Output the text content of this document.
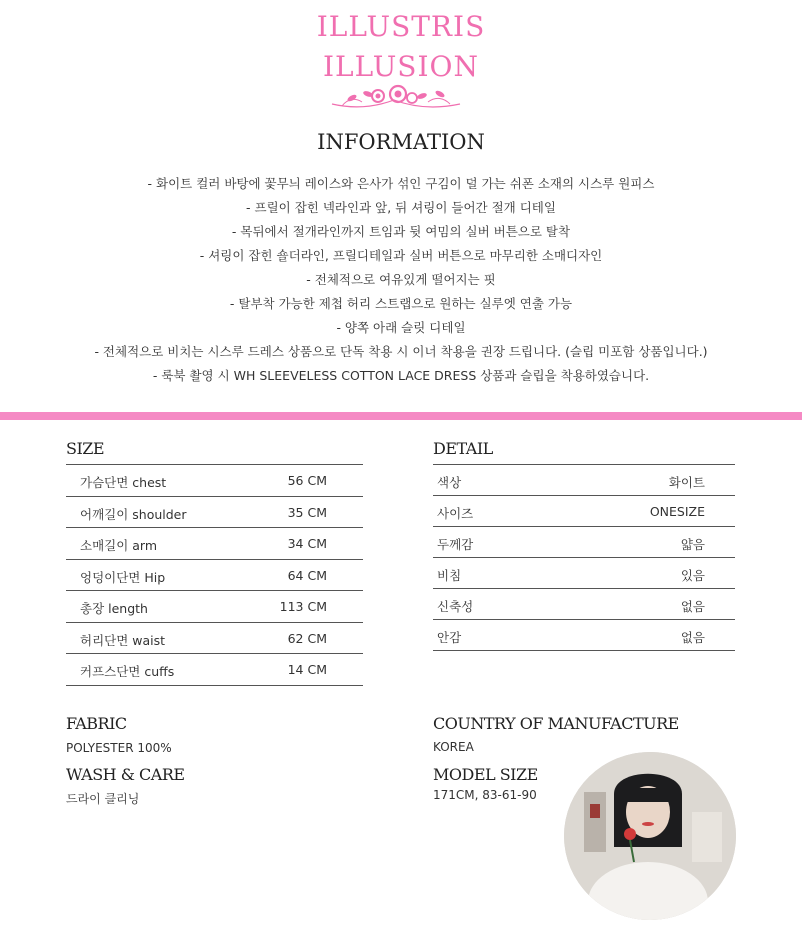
ILLUSTRIS
ILLUSION
INFORMATION
- 화이트 컬러 바탕에 꽃무늬 레이스와 은사가 섞인 구김이 덜 가는 쉬폰 소재의 시스루 원피스
- 프릴이 잡힌 넥라인과 앞, 뒤 셔링이 들어간 절개 디테일
- 목뒤에서 절개라인까지 트임과 뒷 여밈의 실버 버튼으로 탈착
- 셔링이 잡힌 숄더라인, 프릴디테일과 실버 버튼으로 마무리한 소매디자인
- 전체적으로 여유있게 떨어지는 핏
- 탈부착 가능한 제첩 허리 스트랩으로 원하는 실루엣 연출 가능
- 양쪽 아래 슬릿 디테일
- 전체적으로 비치는 시스루 드레스 상품으로 단독 착용 시 이너 착용을 권장 드립니다. (슬립 미포함 상품입니다.)
- 룩북 촬영 시 WH SLEEVELESS COTTON LACE DRESS 상품과 슬립을 착용하였습니다.
SIZE
가슴단면 chest	56 CM
어깨길이 shoulder	35 CM
소매길이 arm	34 CM
엉덩이단면 Hip	64 CM
총장 length	113 CM
허리단면 waist	62 CM
커프스단면 cuffs	14 CM
DETAIL
색상	화이트
사이즈	ONESIZE
두께감	얇음
비침	있음
신축성	없음
안감	없음
FABRIC
POLYESTER 100%
WASH & CARE
드라이 클리닝
COUNTRY OF MANUFACTURE
KOREA
MODEL SIZE
171CM, 83-61-90
